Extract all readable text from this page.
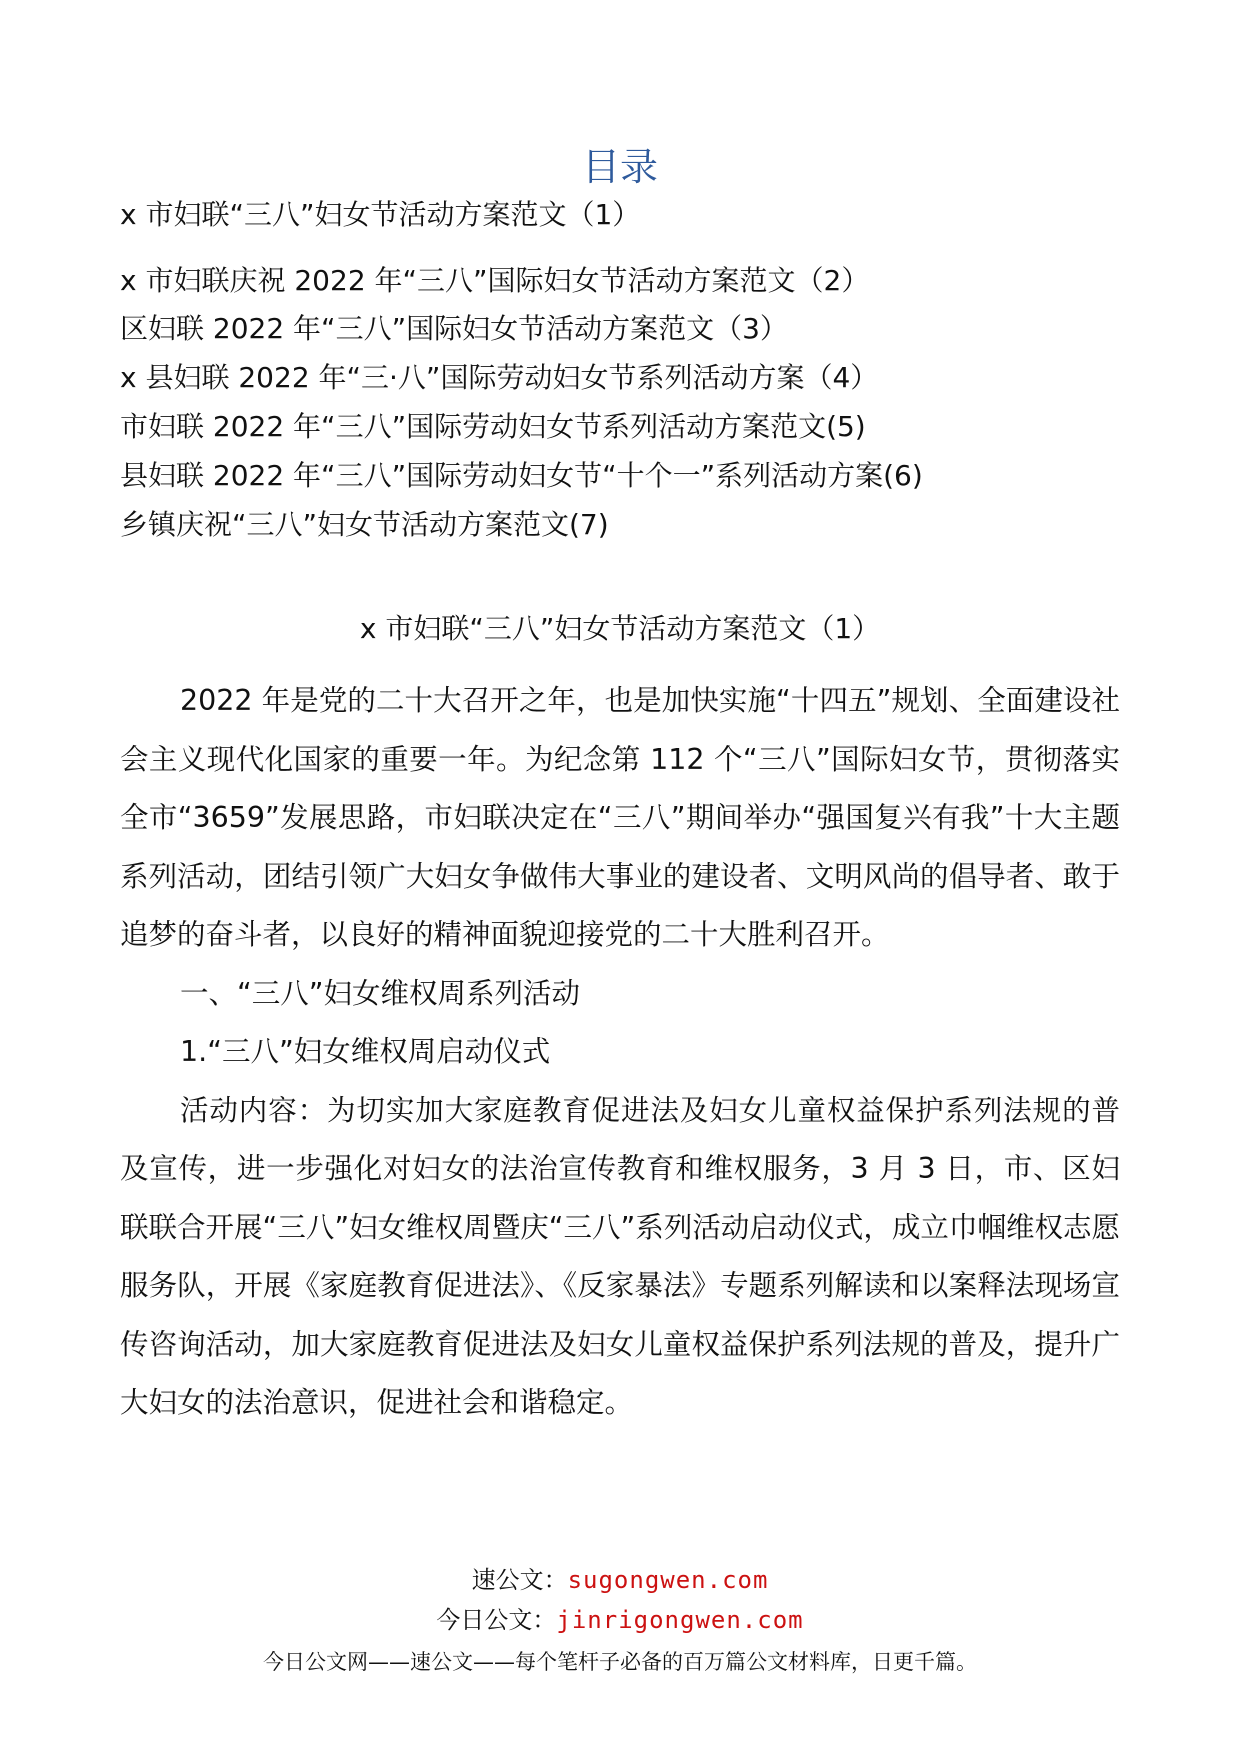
目录
x 市妇联“三八”妇女节活动方案范文（1）
x 市妇联庆祝 2022 年“三八”国际妇女节活动方案范文（2）
区妇联 2022 年“三八”国际妇女节活动方案范文（3）
x 县妇联 2022 年“三·八”国际劳动妇女节系列活动方案（4）
市妇联 2022 年“三八”国际劳动妇女节系列活动方案范文(5)
县妇联 2022 年“三八”国际劳动妇女节“十个一”系列活动方案(6)
乡镇庆祝“三八”妇女节活动方案范文(7)
x 市妇联“三八”妇女节活动方案范文（1）

2022 年是党的二十大召开之年，也是加快实施“十四五”规划、全面建设社会主义现代化国家的重要一年。为纪念第 112 个“三八”国际妇女节，贯彻落实全市“3659”发展思路，市妇联决定在“三八”期间举办“强国复兴有我”十大主题系列活动，团结引领广大妇女争做伟大事业的建设者、文明风尚的倡导者、敢于追梦的奋斗者，以良好的精神面貌迎接党的二十大胜利召开。

一、“三八”妇女维权周系列活动

1.“三八”妇女维权周启动仪式

活动内容：为切实加大家庭教育促进法及妇女儿童权益保护系列法规的普及宣传，进一步强化对妇女的法治宣传教育和维权服务，3 月 3 日，市、区妇联联合开展“三八”妇女维权周暨庆“三八”系列活动启动仪式，成立巾帼维权志愿服务队，开展《家庭教育促进法》、《反家暴法》专题系列解读和以案释法现场宣传咨询活动，加大家庭教育促进法及妇女儿童权益保护系列法规的普及，提升广大妇女的法治意识，促进社会和谐稳定。

速公文：sugongwen.com
今日公文：jinrigongwen.com
今日公文网——速公文——每个笔杆子必备的百万篇公文材料库，日更千篇。
